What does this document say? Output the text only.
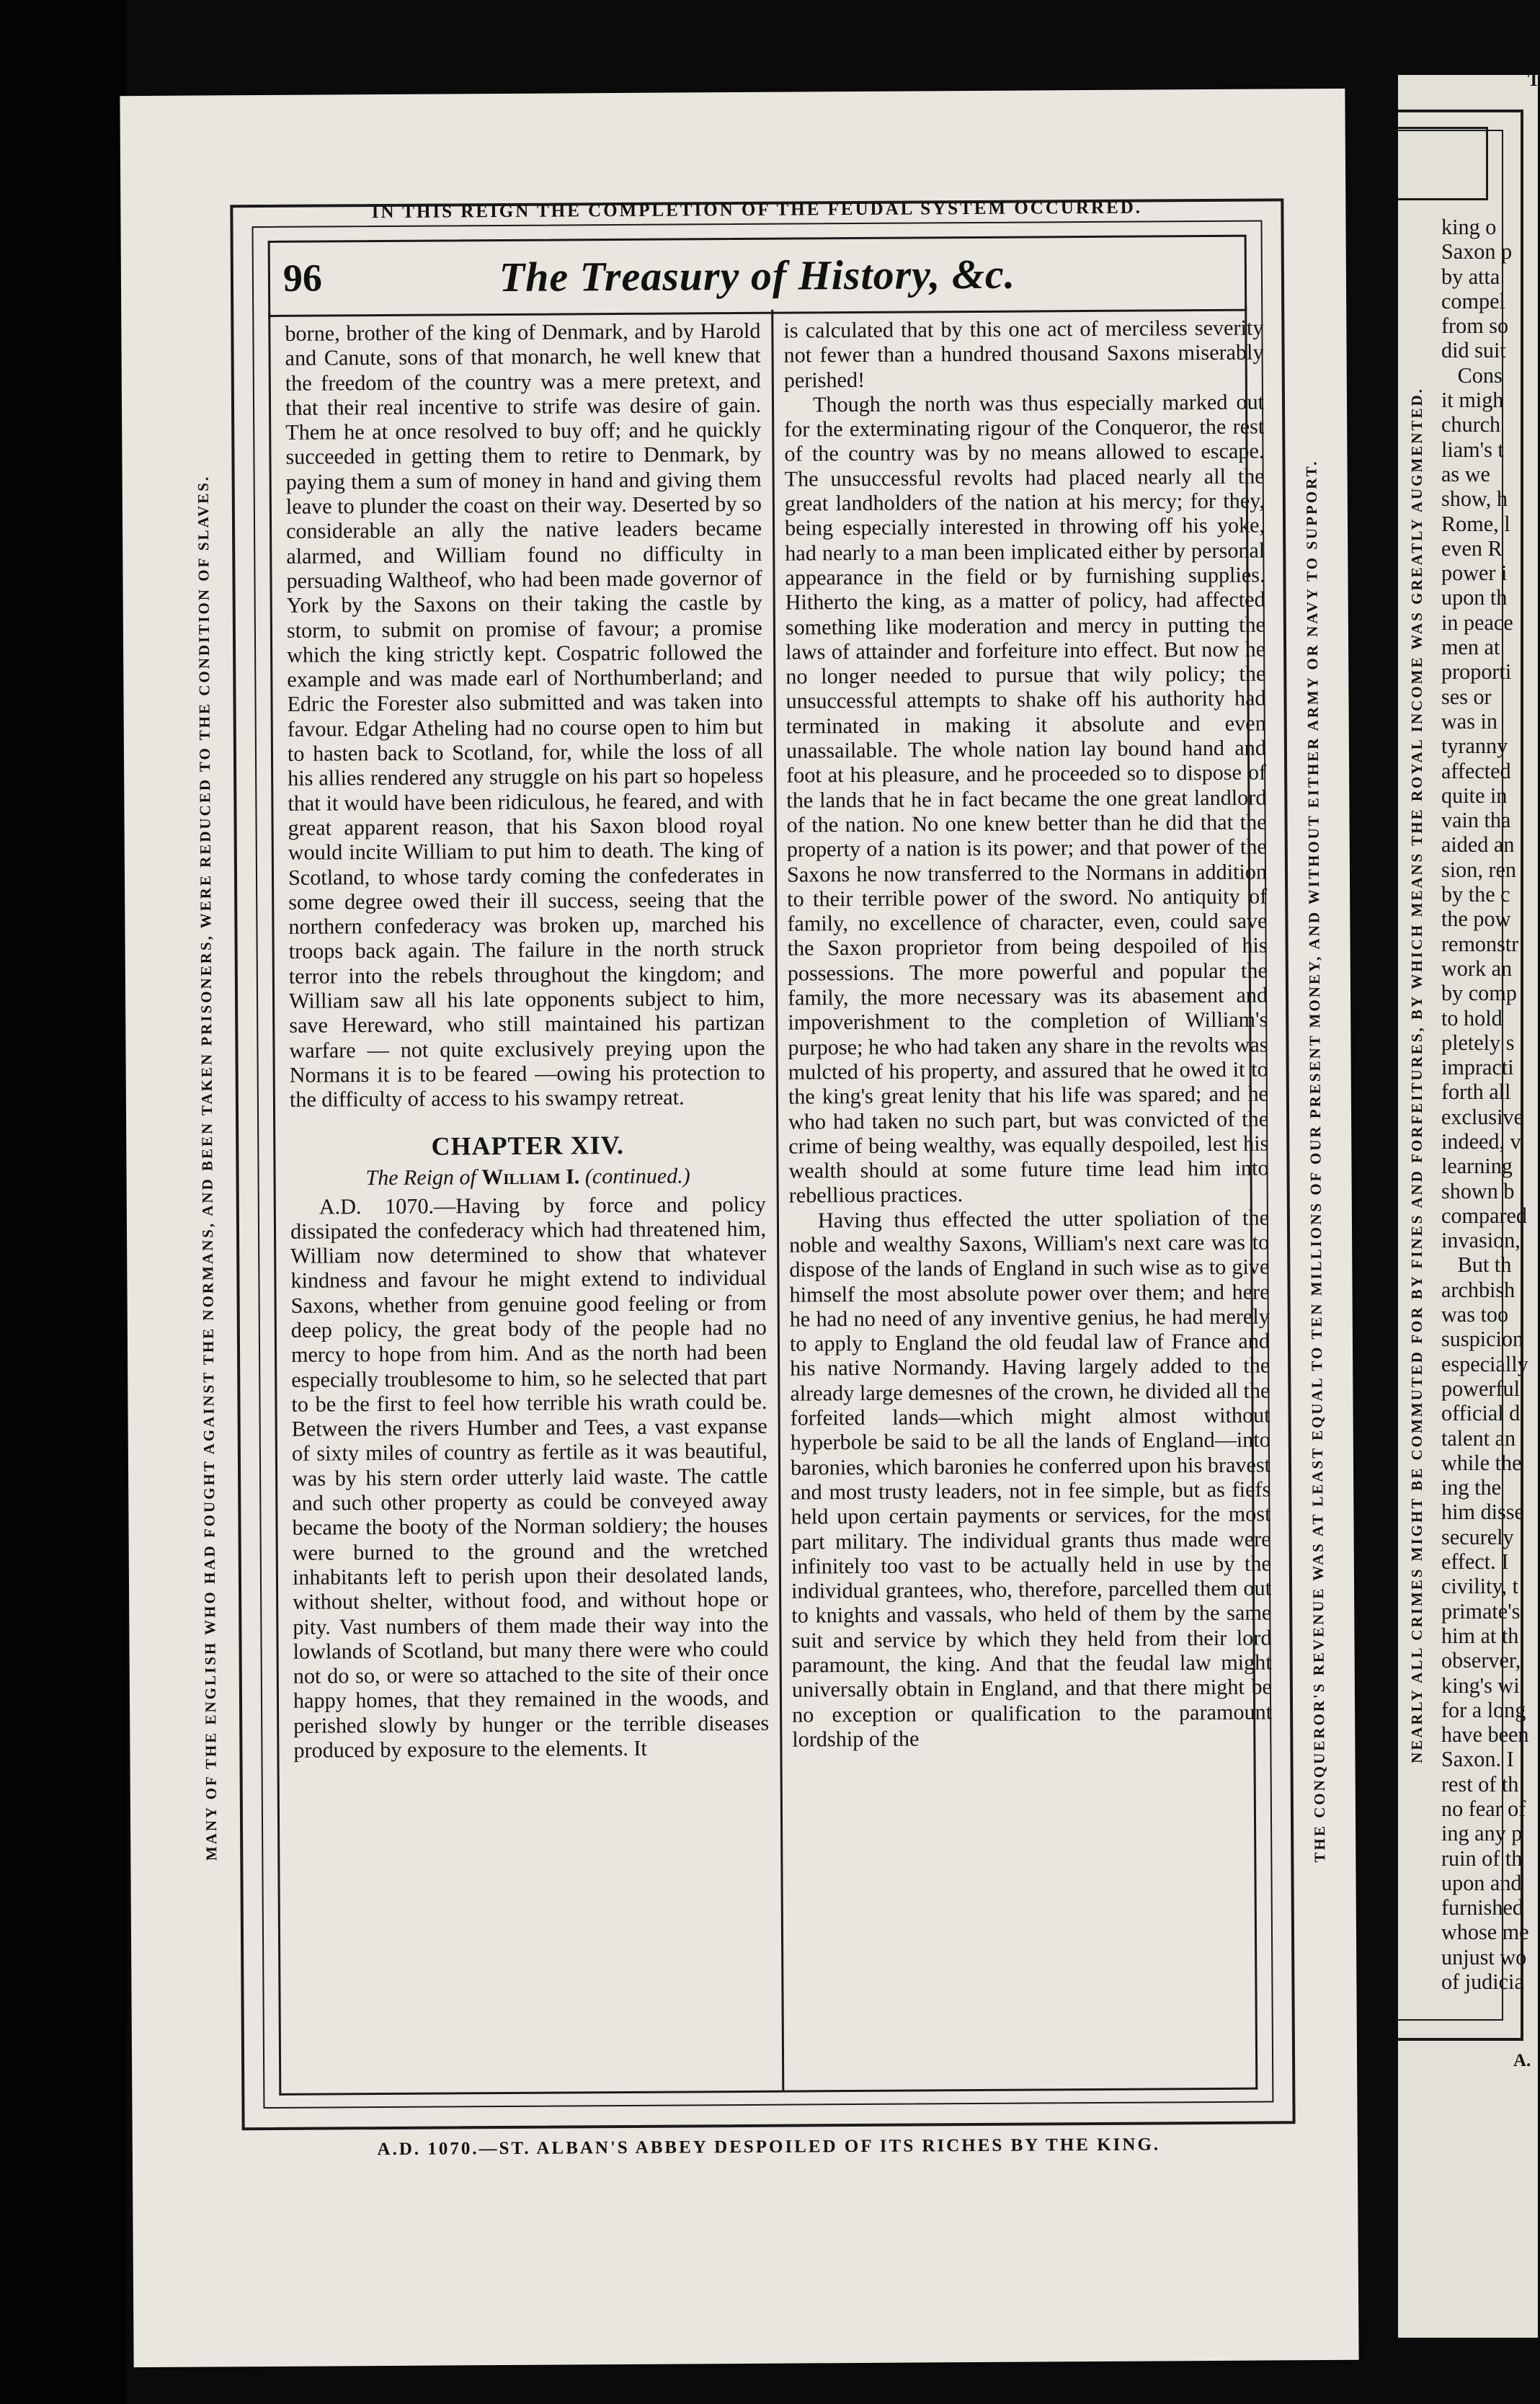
IN THIS REIGN THE COMPLETION OF THE FEUDAL SYSTEM OCCURRED.
MANY OF THE ENGLISH WHO HAD FOUGHT AGAINST THE NORMANS, AND BEEN TAKEN PRISONERS, WERE REDUCED TO THE CONDITION OF SLAVES.	THE CONQUEROR'S REVENUE WAS AT LEAST EQUAL TO TEN MILLIONS OF OUR PRESENT MONEY, AND WITHOUT EITHER ARMY OR NAVY TO SUPPORT.
96	The Treasury of History, &c.

borne, brother of the king of Denmark, and by Harold and Canute, sons of that monarch, he well knew that the freedom of the country was a mere pretext, and that their real incentive to strife was desire of gain. Them he at once resolved to buy off; and he quickly succeeded in getting them to retire to Denmark, by paying them a sum of money in hand and giving them leave to plunder the coast on their way. Deserted by so considerable an ally the native leaders became alarmed, and William found no difficulty in persuading Waltheof, who had been made governor of York by the Saxons on their taking the castle by storm, to submit on promise of favour; a promise which the king strictly kept. Cospatric followed the example and was made earl of Northumberland; and Edric the Forester also submitted and was taken into favour. Edgar Atheling had no course open to him but to hasten back to Scotland, for, while the loss of all his allies rendered any struggle on his part so hopeless that it would have been ridiculous, he feared, and with great apparent reason, that his Saxon blood royal would incite William to put him to death. The king of Scotland, to whose tardy coming the confederates in some degree owed their ill success, seeing that the northern confederacy was broken up, marched his troops back again. The failure in the north struck terror into the rebels throughout the kingdom; and William saw all his late opponents subject to him, save Hereward, who still maintained his partizan warfare — not quite exclusively preying upon the Normans it is to be feared —owing his protection to the difficulty of access to his swampy retreat.

CHAPTER XIV.
The Reign of William I. (continued.)

A.D. 1070.—Having by force and policy dissipated the confederacy which had threatened him, William now determined to show that whatever kindness and favour he might extend to individual Saxons, whether from genuine good feeling or from deep policy, the great body of the people had no mercy to hope from him. And as the north had been especially troublesome to him, so he selected that part to be the first to feel how terrible his wrath could be. Between the rivers Humber and Tees, a vast expanse of sixty miles of country as fertile as it was beautiful, was by his stern order utterly laid waste. The cattle and such other property as could be conveyed away became the booty of the Norman soldiery; the houses were burned to the ground and the wretched inhabitants left to perish upon their desolated lands, without shelter, without food, and without hope or pity. Vast numbers of them made their way into the lowlands of Scotland, but many there were who could not do so, or were so attached to the site of their once happy homes, that they remained in the woods, and perished slowly by hunger or the terrible diseases produced by exposure to the elements. It

is calculated that by this one act of merciless severity not fewer than a hundred thousand Saxons miserably perished!

Though the north was thus especially marked out for the exterminating rigour of the Conqueror, the rest of the country was by no means allowed to escape. The unsuccessful revolts had placed nearly all the great landholders of the nation at his mercy; for they, being especially interested in throwing off his yoke, had nearly to a man been implicated either by personal appearance in the field or by furnishing supplies. Hitherto the king, as a matter of policy, had affected something like moderation and mercy in putting the laws of attainder and forfeiture into effect. But now he no longer needed to pursue that wily policy; the unsuccessful attempts to shake off his authority had terminated in making it absolute and even unassailable. The whole nation lay bound hand and foot at his pleasure, and he proceeded so to dispose of the lands that he in fact became the one great landlord of the nation. No one knew better than he did that the property of a nation is its power; and that power of the Saxons he now transferred to the Normans in addition to their terrible power of the sword. No antiquity of family, no excellence of character, even, could save the Saxon proprietor from being despoiled of his possessions. The more powerful and popular the family, the more necessary was its abasement and impoverishment to the completion of William's purpose; he who had taken any share in the revolts was mulcted of his property, and assured that he owed it to the king's great lenity that his life was spared; and he who had taken no such part, but was convicted of the crime of being wealthy, was equally despoiled, lest his wealth should at some future time lead him into rebellious practices.

Having thus effected the utter spoliation of the noble and wealthy Saxons, William's next care was to dispose of the lands of England in such wise as to give himself the most absolute power over them; and here he had no need of any inventive genius, he had merely to apply to England the old feudal law of France and his native Normandy. Having largely added to the already large demesnes of the crown, he divided all the forfeited lands—which might almost without hyperbole be said to be all the lands of England—into baronies, which baronies he conferred upon his bravest and most trusty leaders, not in fee simple, but as fiefs held upon certain payments or services, for the most part military. The individual grants thus made were infinitely too vast to be actually held in use by the individual grantees, who, therefore, parcelled them out to knights and vassals, who held of them by the same suit and service by which they held from their lord paramount, the king. And that the feudal law might universally obtain in England, and that there might be no exception or qualification to the paramount lordship of the

A.D. 1070.—ST. ALBAN'S ABBEY DESPOILED OF ITS RICHES BY THE KING.
T
NEARLY ALL CRIMES MIGHT BE COMMUTED FOR BY FINES AND FORFEITURES, BY WHICH MEANS THE ROYAL INCOME WAS GREATLY AUGMENTED.
king o
Saxon p
by atta
compel
from so
did suit
Cons
it migh
church
liam's t
as we
show, h
Rome, l
even R
power i
upon th
in peace
men at
proporti
ses or
was in
tyranny
affected
quite in
vain tha
aided an
sion, ren
by the c
the pow
remonstr
work an
by comp
to hold
pletely s
impracti
forth all
exclusive
indeed, v
learning
shown b
compared
invasion,
But th
archbish
was too
suspicion
especially
powerful
official d
talent an
while the
ing the
him disse
securely
effect. I
civility, t
primate's
him at th
observer,
king's wi
for a long
have been
Saxon. I
rest of th
no fear of
ing any p
ruin of th
upon and
furnished
whose me
unjust wo
of judicia
A.
